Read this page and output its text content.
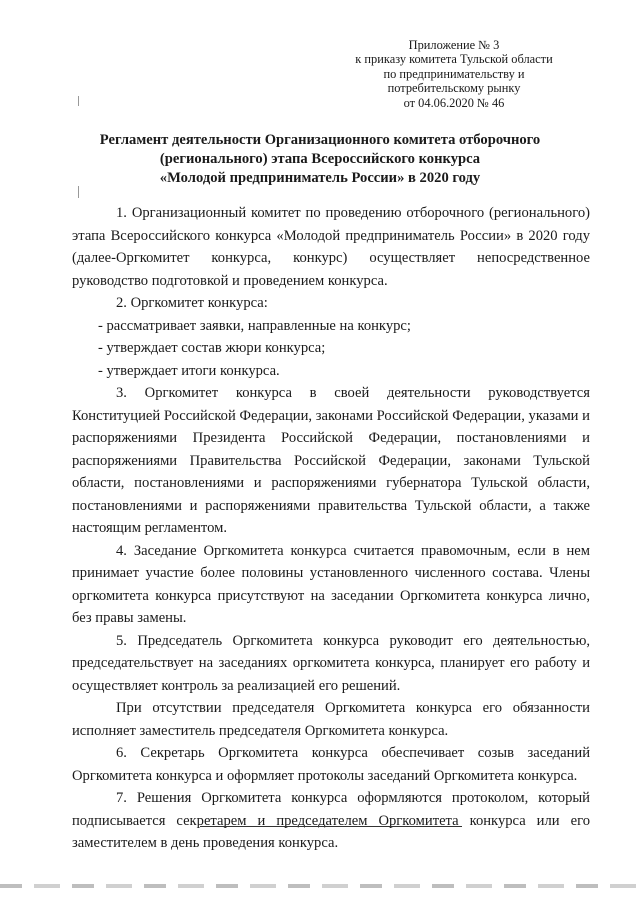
Приложение № 3
к приказу комитета Тульской области
по предпринимательству и
потребительскому рынку
от 04.06.2020 № 46
Регламент деятельности Организационного комитета отборочного
(регионального) этапа Всероссийского конкурса
«Молодой предприниматель России» в 2020 году

1. Организационный комитет по проведению отборочного (регионального) этапа Всероссийского конкурса «Молодой предприниматель России» в 2020 году (далее-Оргкомитет конкурса, конкурс) осуществляет непосредственное руководство подготовкой и проведением конкурса.

2. Оргкомитет конкурса:

- рассматривает заявки, направленные на конкурс;

- утверждает состав жюри конкурса;

- утверждает итоги конкурса.

3. Оргкомитет конкурса в своей деятельности руководствуется Конституцией Российской Федерации, законами Российской Федерации, указами и распоряжениями Президента Российской Федерации, постановлениями и распоряжениями Правительства Российской Федерации, законами Тульской области, постановлениями и распоряжениями губернатора Тульской области, постановлениями и распоряжениями правительства Тульской области, а также настоящим регламентом.

4. Заседание Оргкомитета конкурса считается правомочным, если в нем принимает участие более половины установленного численного состава. Члены оргкомитета конкурса присутствуют на заседании Оргкомитета конкурса лично, без правы замены.

5. Председатель Оргкомитета конкурса руководит его деятельностью, председательствует на заседаниях оргкомитета конкурса, планирует его работу и осуществляет контроль за реализацией его решений.

При отсутствии председателя Оргкомитета конкурса его обязанности исполняет заместитель председателя Оргкомитета конкурса.

6. Секретарь Оргкомитета конкурса обеспечивает созыв заседаний Оргкомитета конкурса и оформляет протоколы заседаний Оргкомитета конкурса.

7. Решения Оргкомитета конкурса оформляются протоколом, который подписывается секретарем и председателем Оргкомитета конкурса или его заместителем в день проведения конкурса.
